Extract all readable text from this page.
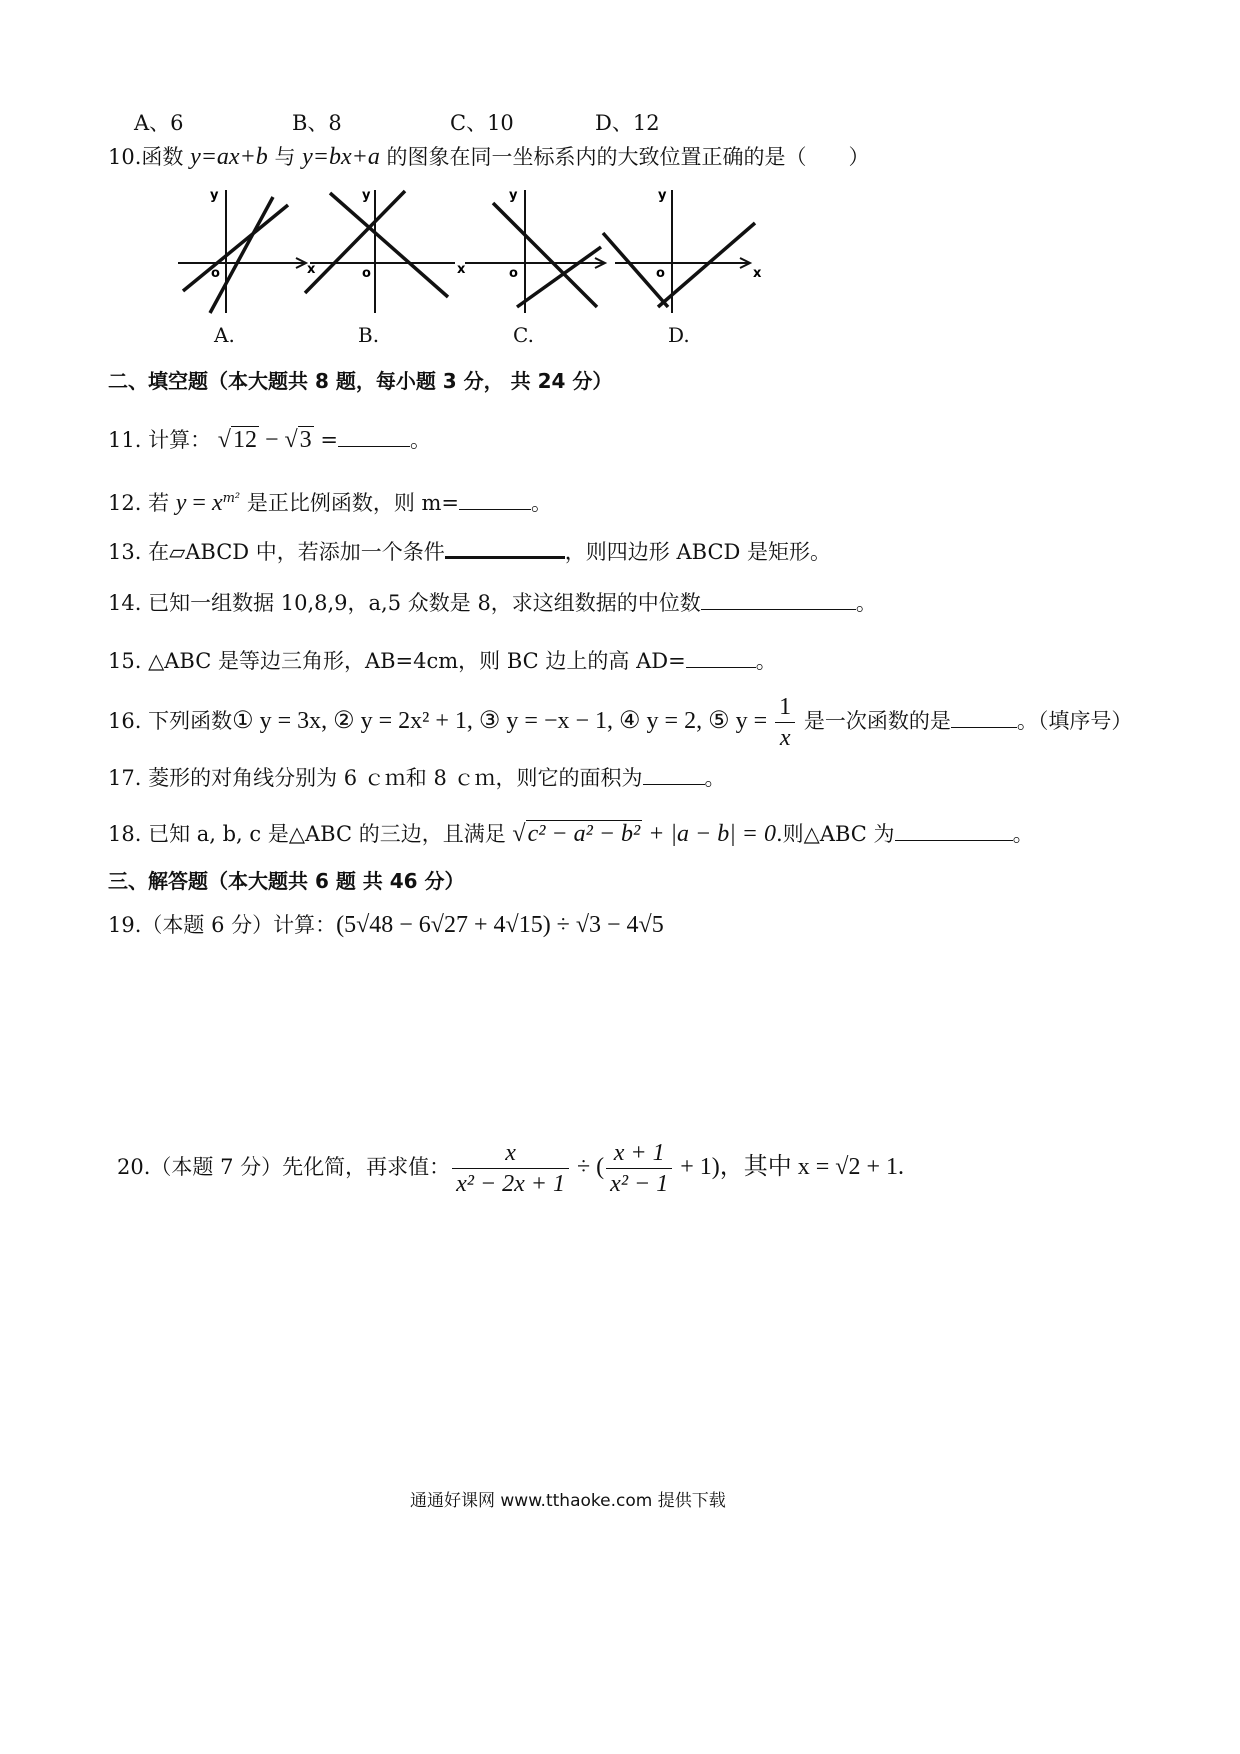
A、6	B、8	C、10	D、12
10.函数 y=ax+b 与 y=bx+a 的图象在同一坐标系内的大致位置正确的是（　　）
o
y
A.
o
y
x	x
B.
o
y
C.
o
y
x
D.
二、填空题（本大题共 8 题，每小题 3 分， 共 24 分）
11. 计算： √12 − √3 =	。
12. 若 $y = x^{m^2}$ 是正比例函数，则 m=	。
13. 在▱ABCD 中，若添加一个条件	，则四边形 ABCD 是矩形。
14. 已知一组数据 10,8,9，a,5 众数是 8，求这组数据的中位数	。
15. △ABC 是等边三角形，AB=4cm，则 BC 边上的高 AD=	。
16. 下列函数① y = 3x, ② y = 2x² + 1, ③ y = −x − 1, ④ y = 2, ⑤ $y = \frac{1}{x}$ 是一次函数的是	。（填序号）
17. 菱形的对角线分别为 6 ｃｍ和 8 ｃｍ，则它的面积为	。
18. 已知 a, b, c 是△ABC 的三边，且满足 √c² − a² − b² + |a − b| = 0.则△ABC 为	。
三、解答题（本大题共 6 题 共 46 分）
19.（本题 6 分）计算：(5√48 − 6√27 + 4√15) ÷ √3 − 4√5
20.（本题 7 分）先化简，再求值： $\frac{x}{\text{x² − 2x + 1}}$ ÷ ( $\frac{x + 1}{\text{x² − 1}} + 1$)，其中 x = √2 + 1.
通通好课网 www.tthaoke.com 提供下载
